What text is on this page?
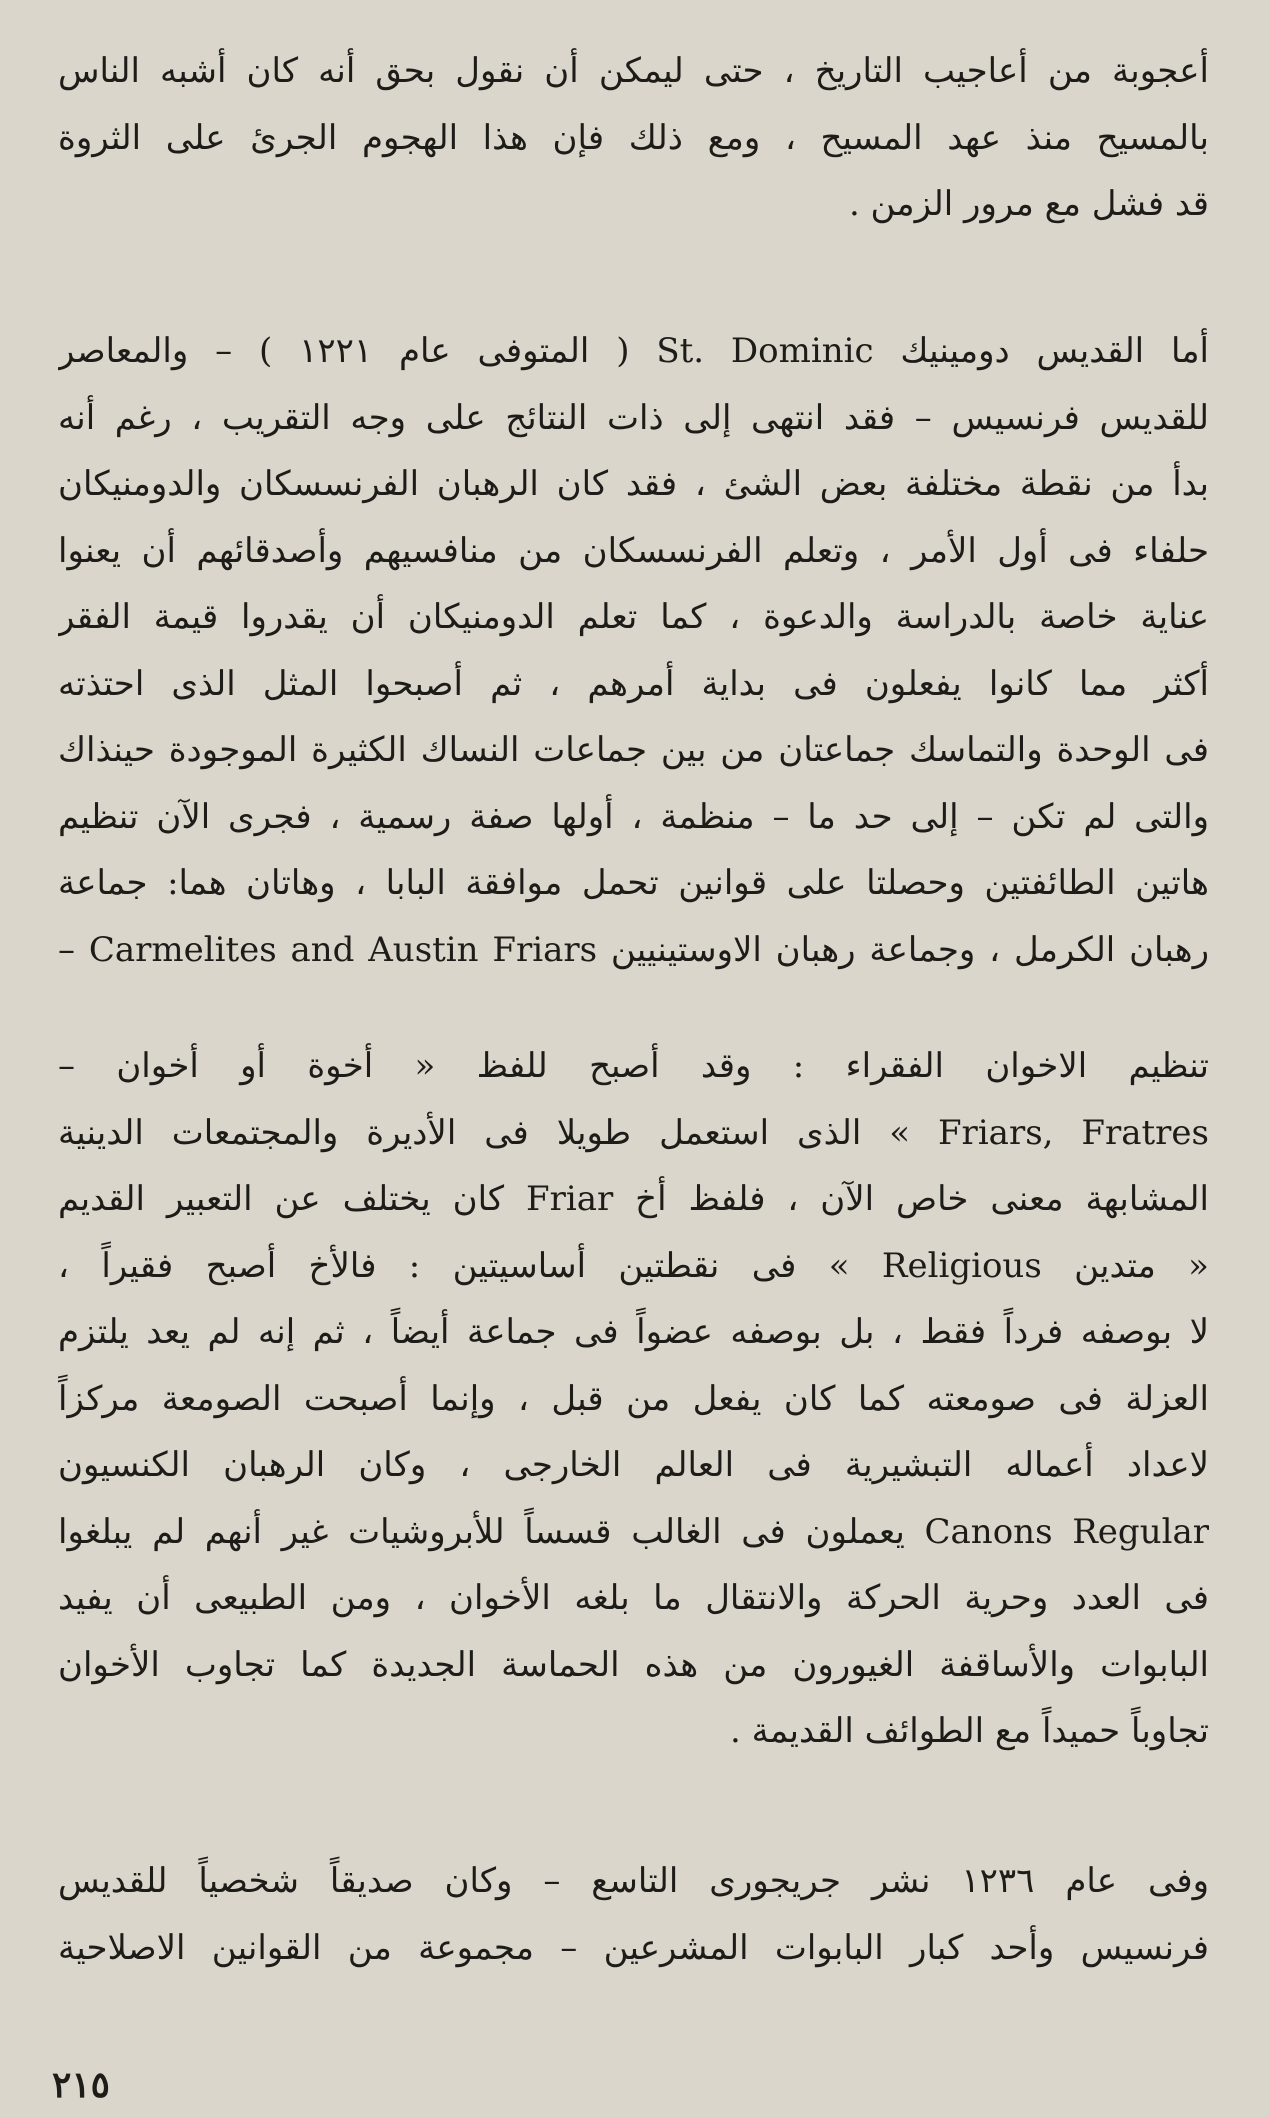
أعجوبة من أعاجيب التاريخ ، حتى ليمكن أن نقول بحق أنه كان أشبه الناس
بالمسيح منذ عهد المسيح ، ومع ذلك فإن هذا الهجوم الجرئ على الثروة
قد فشل مع مرور الزمن .

أما القديس دومينيك St. Dominic ( المتوفى عام ١٢٢١ ) – والمعاصر
للقديس فرنسيس – فقد انتهى إلى ذات النتائج على وجه التقريب ، رغم أنه
بدأ من نقطة مختلفة بعض الشئ ، فقد كان الرهبان الفرنسسكان والدومنيكان
حلفاء فى أول الأمر ، وتعلم الفرنسسكان من منافسيهم وأصدقائهم أن يعنوا
عناية خاصة بالدراسة والدعوة ، كما تعلم الدومنيكان أن يقدروا قيمة الفقر
أكثر مما كانوا يفعلون فى بداية أمرهم ، ثم أصبحوا المثل الذى احتذته
فى الوحدة والتماسك جماعتان من بين جماعات النساك الكثيرة الموجودة حينذاك
والتى لم تكن – إلى حد ما – منظمة ، أولها صفة رسمية ، فجرى الآن تنظيم
هاتين الطائفتين وحصلتا على قوانين تحمل موافقة البابا ، وهاتان هما: جماعة
رهبان الكرمل ، وجماعة رهبان الاوستينيين Carmelites and Austin Friars –

تنظيم الاخوان الفقراء : وقد أصبح للفظ « أخوة أو أخوان –
Friars, Fratres » الذى استعمل طويلا فى الأديرة والمجتمعات الدينية
المشابهة معنى خاص الآن ، فلفظ أخ Friar كان يختلف عن التعبير القديم
« متدين Religious » فى نقطتين أساسيتين : فالأخ أصبح فقيراً ،
لا بوصفه فرداً فقط ، بل بوصفه عضواً فى جماعة أيضاً ، ثم إنه لم يعد يلتزم
العزلة فى صومعته كما كان يفعل من قبل ، وإنما أصبحت الصومعة مركزاً
لاعداد أعماله التبشيرية فى العالم الخارجى ، وكان الرهبان الكنسيون
Canons Regular يعملون فى الغالب قسساً للأبروشيات غير أنهم لم يبلغوا
فى العدد وحرية الحركة والانتقال ما بلغه الأخوان ، ومن الطبيعى أن يفيد
البابوات والأساقفة الغيورون من هذه الحماسة الجديدة كما تجاوب الأخوان
تجاوباً حميداً مع الطوائف القديمة .

وفى عام ١٢٣٦ نشر جريجورى التاسع – وكان صديقاً شخصياً للقديس
فرنسيس وأحد كبار البابوات المشرعين – مجموعة من القوانين الاصلاحية

٢١٥
